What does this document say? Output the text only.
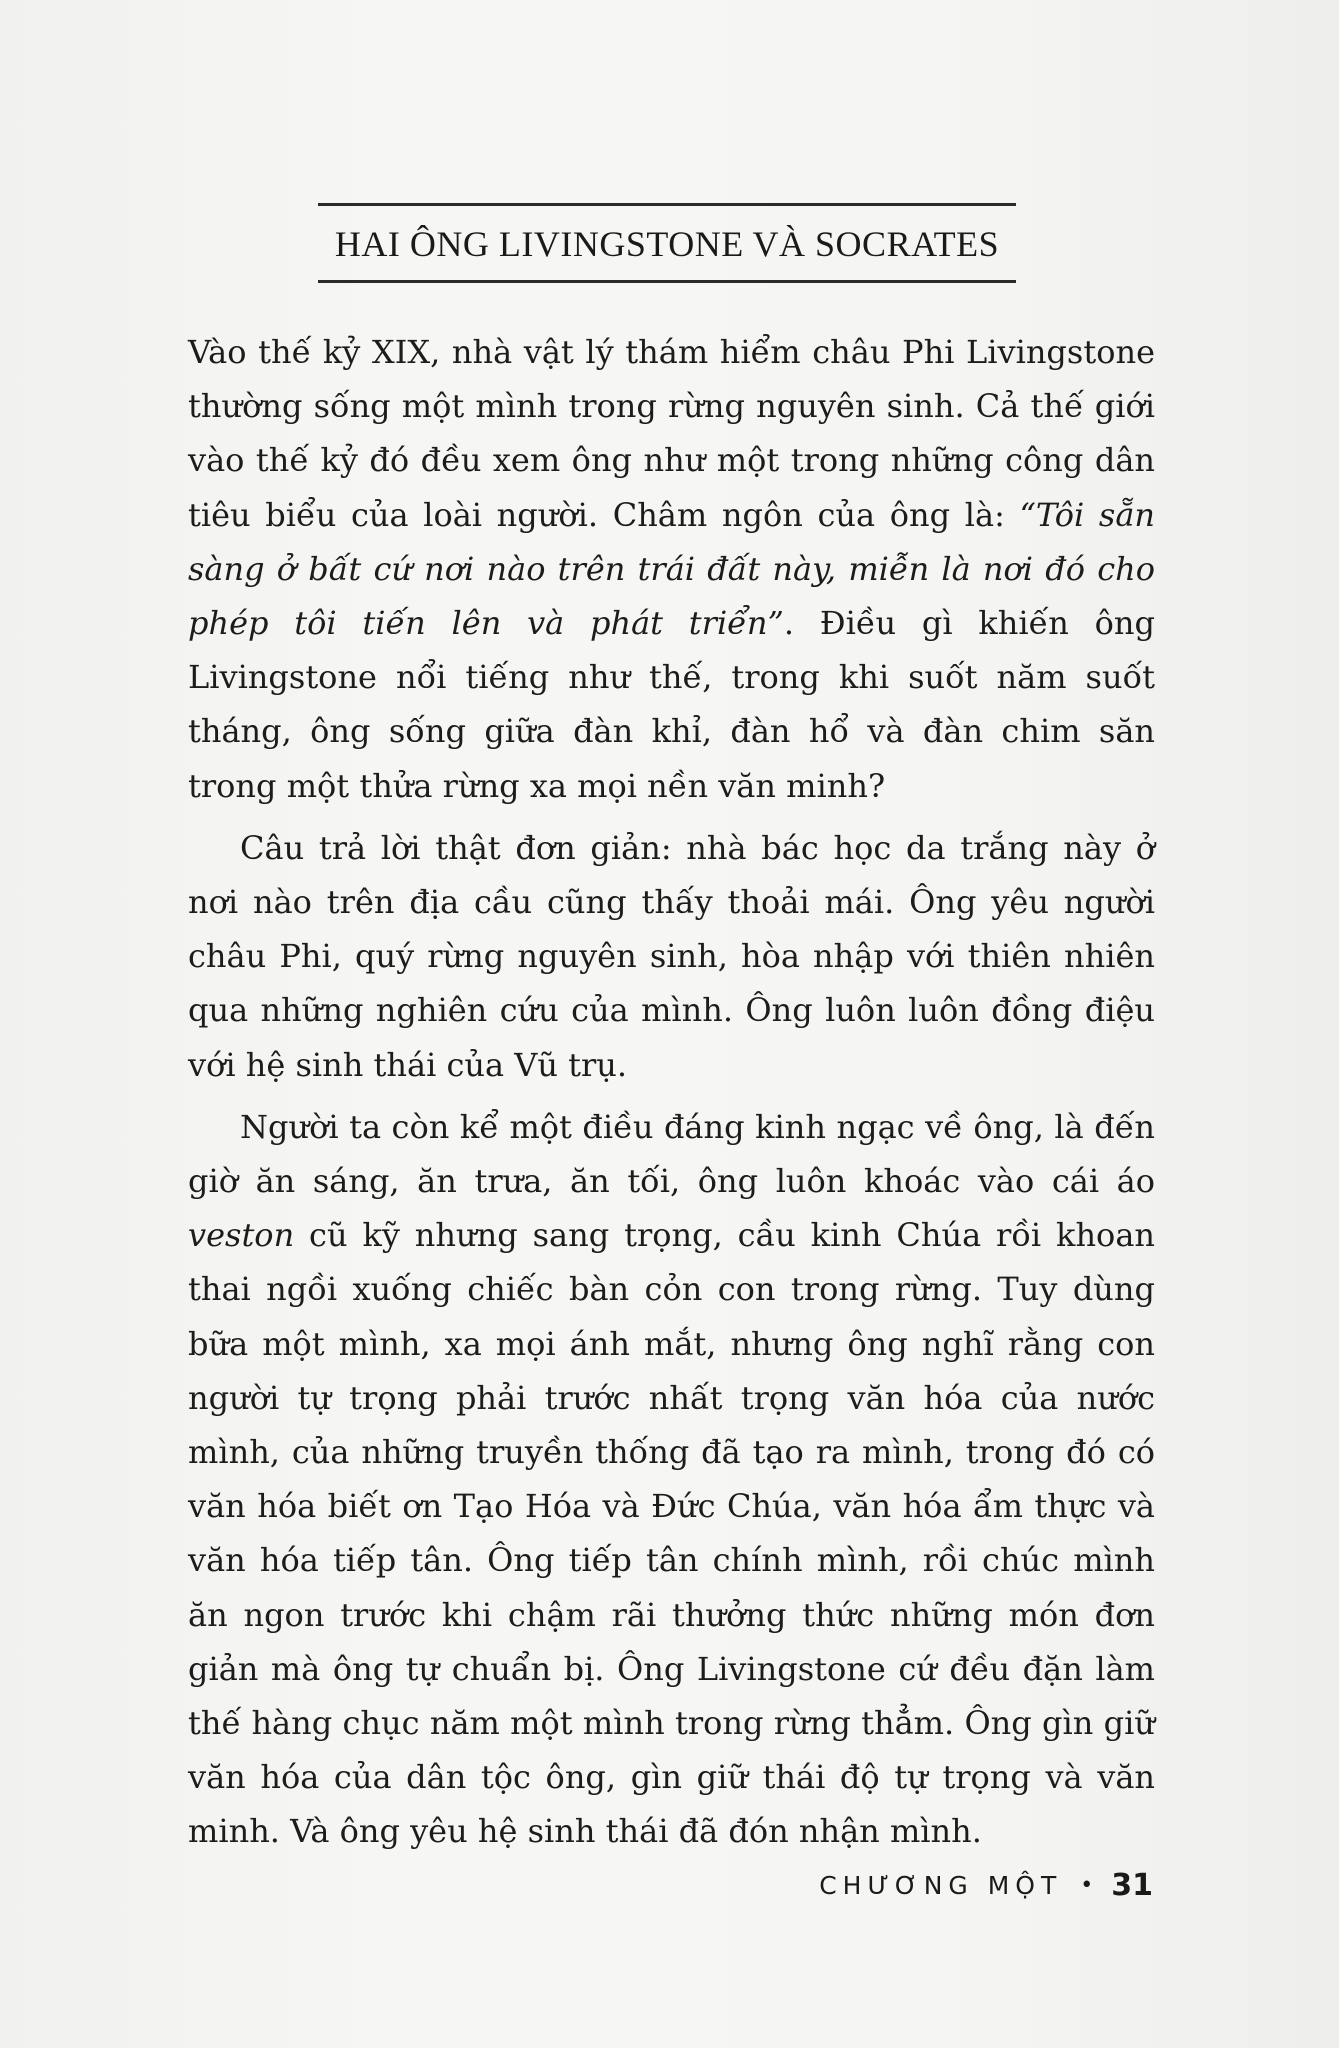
HAI ÔNG LIVINGSTONE VÀ SOCRATES

Vào thế kỷ XIX, nhà vật lý thám hiểm châu Phi Livingstone thường sống một mình trong rừng nguyên sinh. Cả thế giới vào thế kỷ đó đều xem ông như một trong những công dân tiêu biểu của loài người. Châm ngôn của ông là: “Tôi sẵn sàng ở bất cứ nơi nào trên trái đất này, miễn là nơi đó cho phép tôi tiến lên và phát triển”. Điều gì khiến ông Livingstone nổi tiếng như thế, trong khi suốt năm suốt tháng, ông sống giữa đàn khỉ, đàn hổ và đàn chim săn trong một thửa rừng xa mọi nền văn minh?

Câu trả lời thật đơn giản: nhà bác học da trắng này ở nơi nào trên địa cầu cũng thấy thoải mái. Ông yêu người châu Phi, quý rừng nguyên sinh, hòa nhập với thiên nhiên qua những nghiên cứu của mình. Ông luôn luôn đồng điệu với hệ sinh thái của Vũ trụ.

Người ta còn kể một điều đáng kinh ngạc về ông, là đến giờ ăn sáng, ăn trưa, ăn tối, ông luôn khoác vào cái áo veston cũ kỹ nhưng sang trọng, cầu kinh Chúa rồi khoan thai ngồi xuống chiếc bàn cỏn con trong rừng. Tuy dùng bữa một mình, xa mọi ánh mắt, nhưng ông nghĩ rằng con người tự trọng phải trước nhất trọng văn hóa của nước mình, của những truyền thống đã tạo ra mình, trong đó có văn hóa biết ơn Tạo Hóa và Đức Chúa, văn hóa ẩm thực và văn hóa tiếp tân. Ông tiếp tân chính mình, rồi chúc mình ăn ngon trước khi chậm rãi thưởng thức những món đơn giản mà ông tự chuẩn bị. Ông Livingstone cứ đều đặn làm thế hàng chục năm một mình trong rừng thẳm. Ông gìn giữ văn hóa của dân tộc ông, gìn giữ thái độ tự trọng và văn minh. Và ông yêu hệ sinh thái đã đón nhận mình.

CHƯƠNG MỘT • 31
